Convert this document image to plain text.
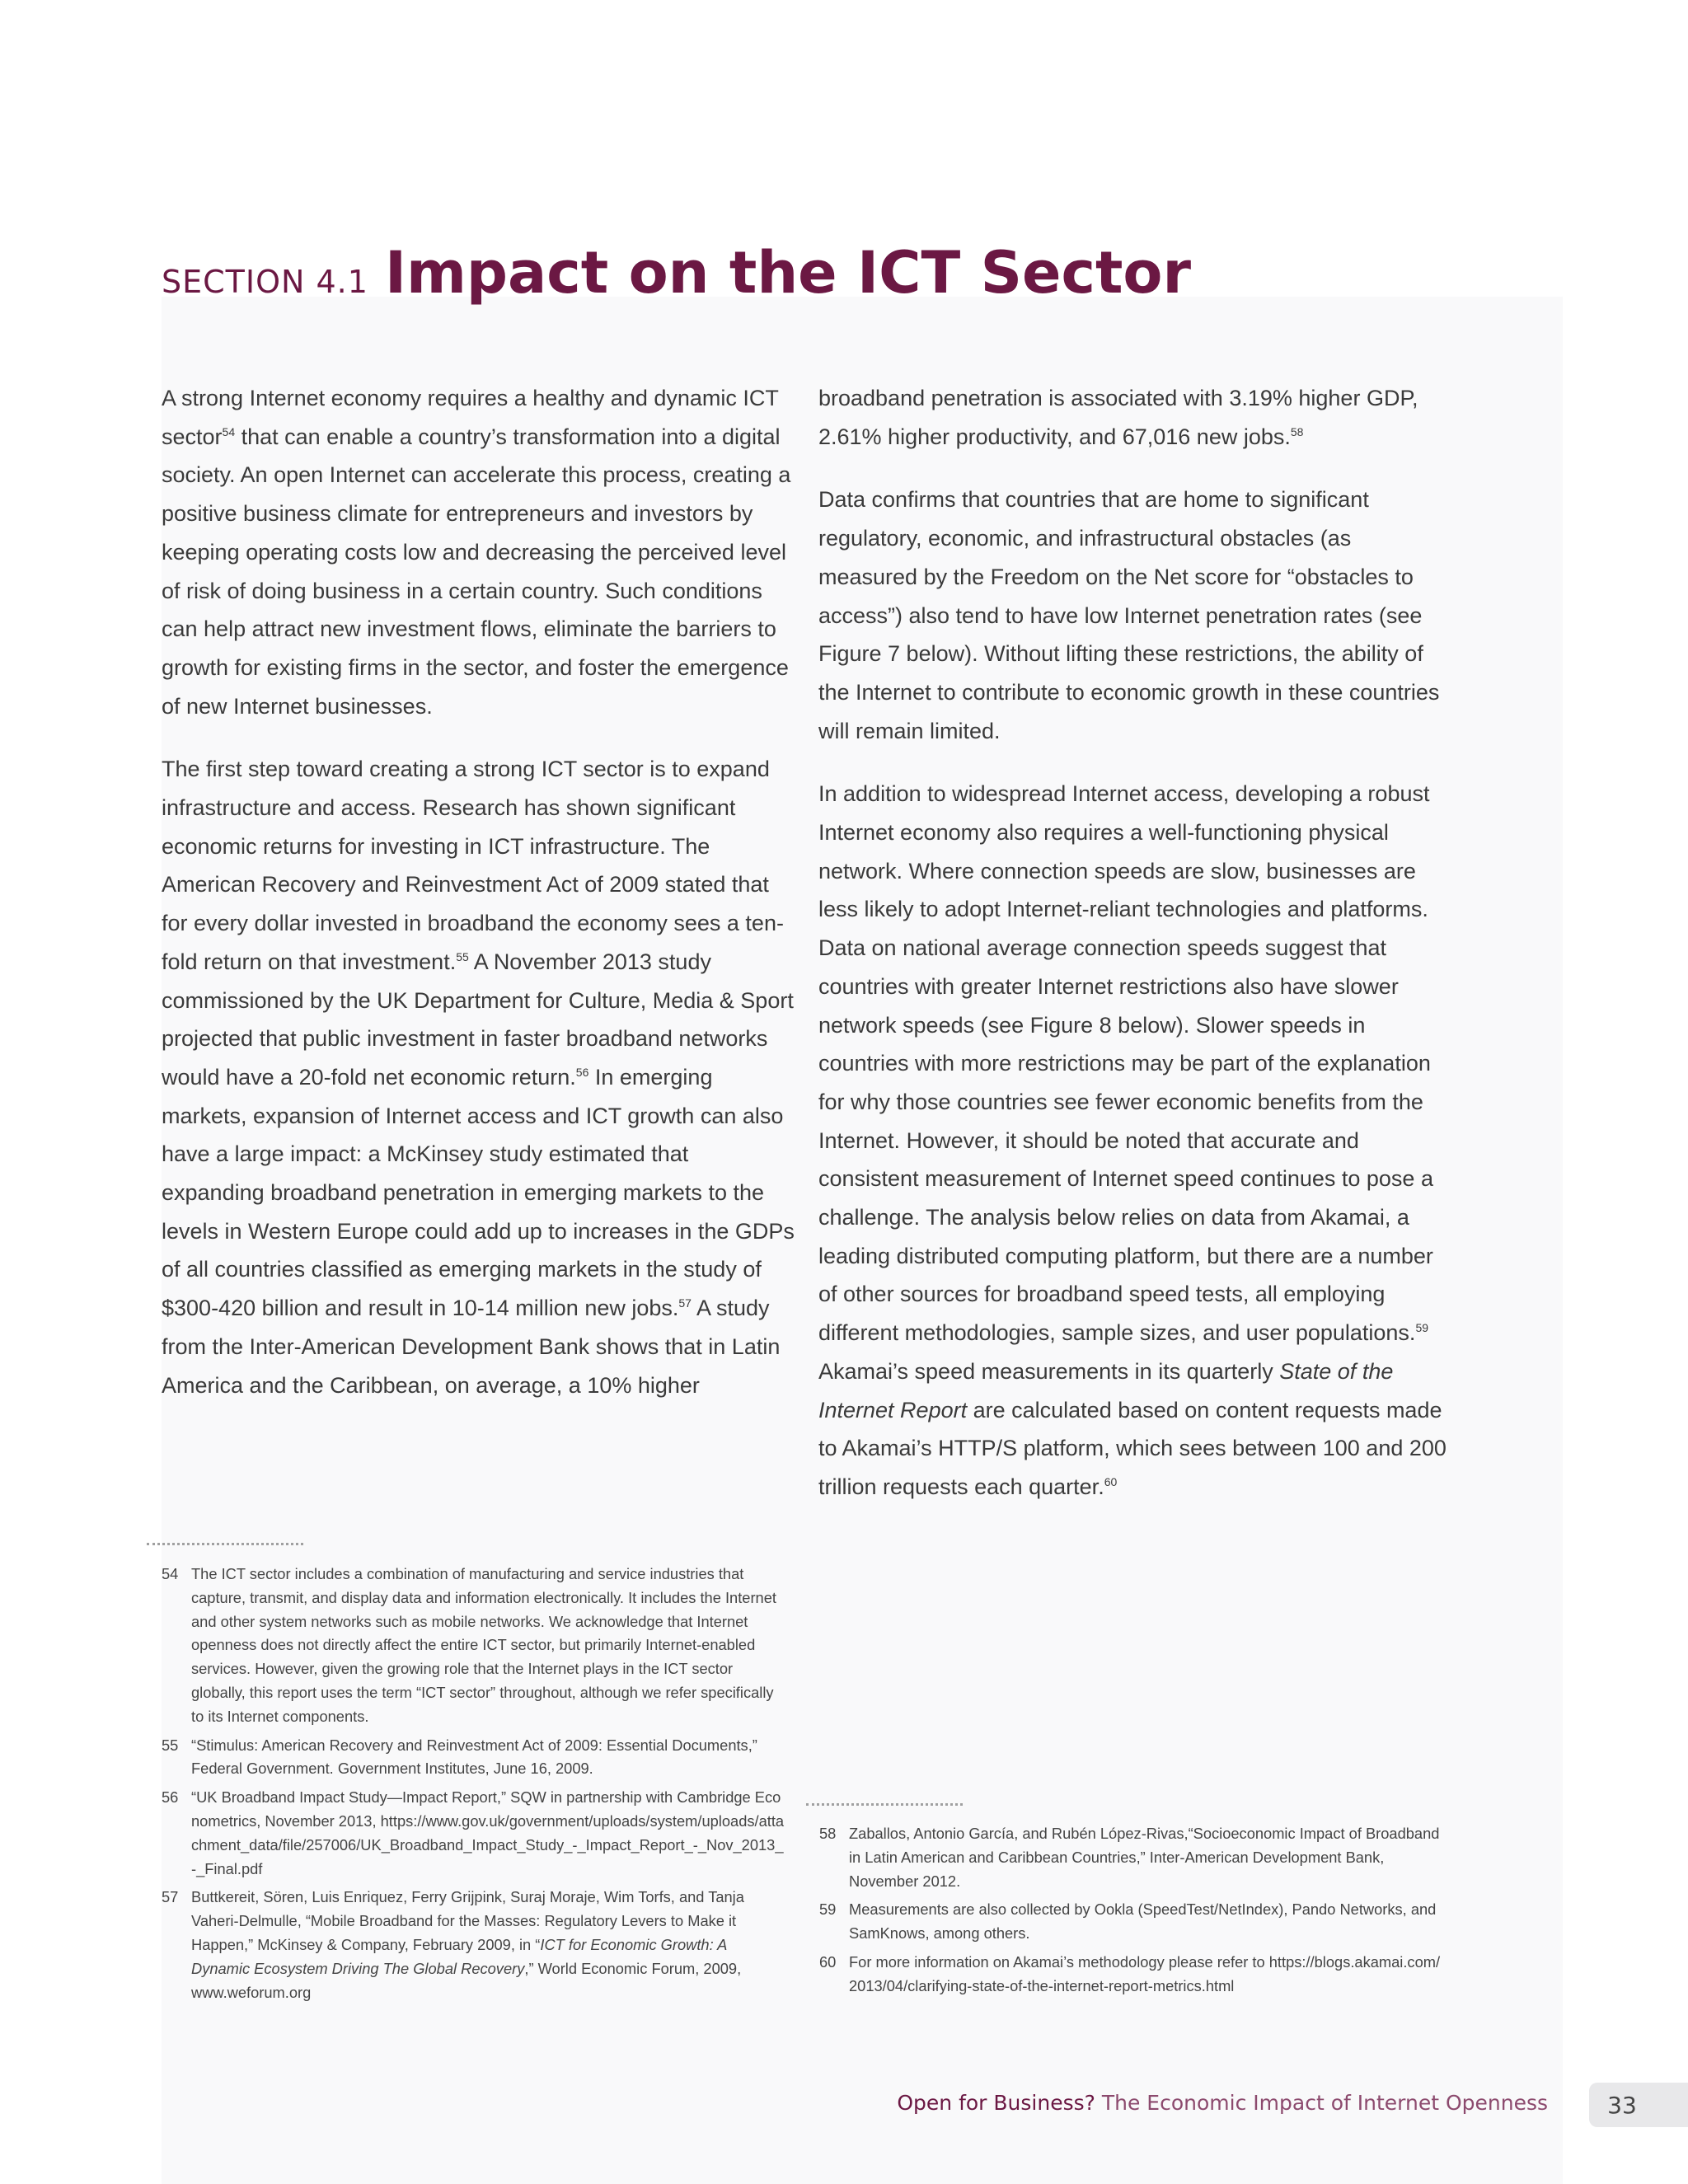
SECTION 4.1 Impact on the ICT Sector

A strong Internet economy requires a healthy and dynamic ICT sector$^{54}$ that can enable a country’s transformation into a digital society. An open Internet can accelerate this process, creating a positive business climate for entrepreneurs and investors by keeping operating costs low and decreasing the perceived level of risk of doing business in a certain country. Such conditions can help attract new investment flows, eliminate the barriers to growth for existing firms in the sector, and foster the emergence of new Internet businesses.

The first step toward creating a strong ICT sector is to expand infrastructure and access. Research has shown significant economic returns for investing in ICT infrastructure. The American Recovery and Reinvestment Act of 2009 stated that for every dollar invested in broadband the economy sees a ten-fold return on that investment.$^{55}$ A November 2013 study commissioned by the UK Department for Culture, Media & Sport projected that public investment in faster broadband networks would have a 20-fold net economic return.$^{56}$ In emerging markets, expansion of Internet access and ICT growth can also have a large impact: a McKinsey study estimated that expanding broadband penetration in emerging markets to the levels in Western Europe could add up to increases in the GDPs of all countries classified as emerging markets in the study of $300-420 billion and result in 10-14 million new jobs.$^{57}$ A study from the Inter-American Development Bank shows that in Latin America and the Caribbean, on average, a 10% higher

broadband penetration is associated with 3.19% higher GDP, 2.61% higher productivity, and 67,016 new jobs.$^{58}$

Data confirms that countries that are home to significant regulatory, economic, and infrastructural obstacles (as measured by the Freedom on the Net score for “obstacles to access”) also tend to have low Internet penetration rates (see Figure 7 below). Without lifting these restrictions, the ability of the Internet to contribute to economic growth in these countries will remain limited.

In addition to widespread Internet access, developing a robust Internet economy also requires a well-functioning physical network. Where connection speeds are slow, businesses are less likely to adopt Internet-reliant technologies and platforms. Data on national average connection speeds suggest that countries with greater Internet restrictions also have slower network speeds (see Figure 8 below). Slower speeds in countries with more restrictions may be part of the explanation for why those countries see fewer economic benefits from the Internet. However, it should be noted that accurate and consistent measurement of Internet speed continues to pose a challenge. The analysis below relies on data from Akamai, a leading distributed computing platform, but there are a number of other sources for broadband speed tests, all employing different methodologies, sample sizes, and user populations.$^{59}$ Akamai’s speed measurements in its quarterly State of the Internet Report are calculated based on content requests made to Akamai’s HTTP/S platform, which sees between 100 and 200 trillion requests each quarter.$^{60}$

54 The ICT sector includes a combination of manufacturing and service industries that capture, transmit, and display data and information electronically. It includes the Internet and other system networks such as mobile networks. We acknowledge that Internet openness does not directly affect the entire ICT sector, but primarily Internet-enabled services. However, given the growing role that the Internet plays in the ICT sector globally, this report uses the term “ICT sector” throughout, although we refer specifically to its Internet components.
55 “Stimulus: American Recovery and Reinvestment Act of 2009: Essential Documents,” Federal Government. Government Institutes, June 16, 2009.
56 “UK Broadband Impact Study—Impact Report,” SQW in partnership with Cambridge Econometrics, November 2013, https://www.gov.uk/government/uploads/system/uploads/attachment_data/file/257006/UK_Broadband_Impact_Study_-_Impact_Report_-_Nov_2013_-_Final.pdf
57 Buttkereit, Sören, Luis Enriquez, Ferry Grijpink, Suraj Moraje, Wim Torfs, and Tanja Vaheri-Delmulle, “Mobile Broadband for the Masses: Regulatory Levers to Make it Happen,” McKinsey & Company, February 2009, in “ICT for Economic Growth: A Dynamic Ecosystem Driving The Global Recovery,” World Economic Forum, 2009, www.weforum.org
58 Zaballos, Antonio García, and Rubén López-Rivas,“Socioeconomic Impact of Broadband in Latin American and Caribbean Countries,” Inter-American Development Bank, November 2012.
59 Measurements are also collected by Ookla (SpeedTest/NetIndex), Pando Networks, and SamKnows, among others.
60 For more information on Akamai’s methodology please refer to https://blogs.akamai.com/2013/04/clarifying-state-of-the-internet-report-metrics.html
Open for Business? The Economic Impact of Internet Openness	33
